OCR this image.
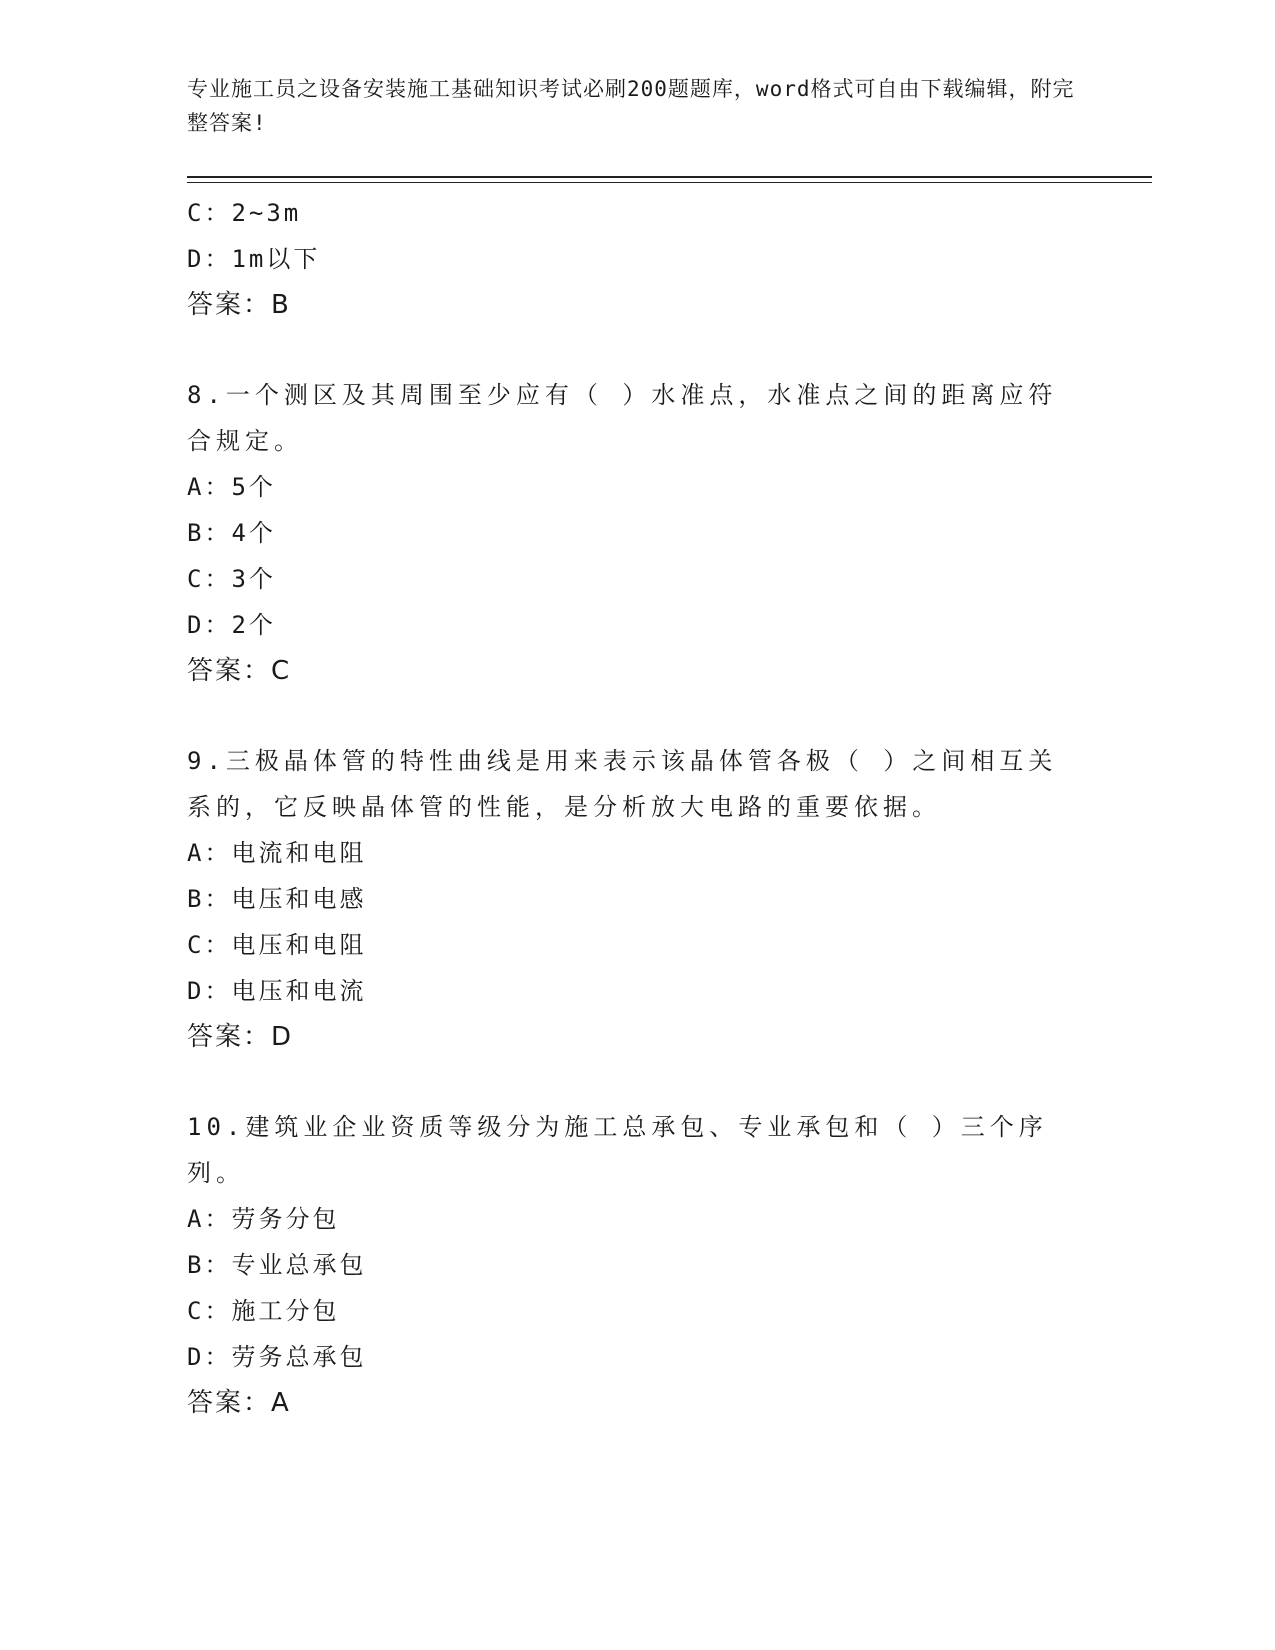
专业施工员之设备安装施工基础知识考试必刷200题题库，word格式可自由下载编辑，附完整答案!
C：2~3m
D：1m以下
答案：B
8.一个测区及其周围至少应有（ ）水准点，水准点之间的距离应符合规定。
A：5个
B：4个
C：3个
D：2个
答案：C
9.三极晶体管的特性曲线是用来表示该晶体管各极（ ）之间相互关系的，它反映晶体管的性能，是分析放大电路的重要依据。
A：电流和电阻
B：电压和电感
C：电压和电阻
D：电压和电流
答案：D
10.建筑业企业资质等级分为施工总承包、专业承包和（ ）三个序列。
A：劳务分包
B：专业总承包
C：施工分包
D：劳务总承包
答案：A
